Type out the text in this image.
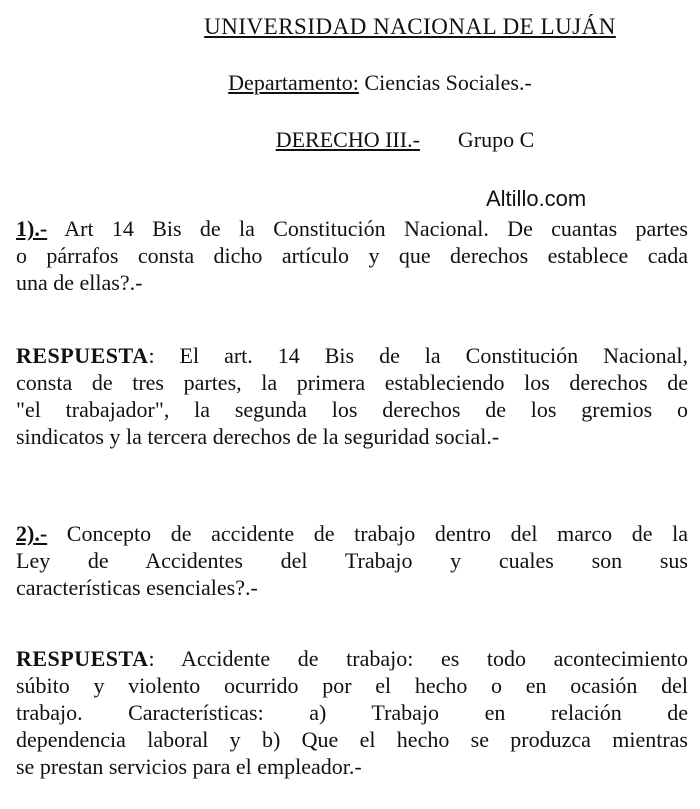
UNIVERSIDAD NACIONAL DE LUJÁN
Departamento: Ciencias Sociales.-
DERECHO III.- Grupo C
Altillo.com
1).- Art 14 Bis de la Constitución Nacional. De cuantas partes
o párrafos consta dicho artículo y que derechos establece cada
una de ellas?.-
RESPUESTA: El art. 14 Bis de la Constitución Nacional,
consta de tres partes, la primera estableciendo los derechos de
"el trabajador", la segunda los derechos de los gremios o
sindicatos y la tercera derechos de la seguridad social.-
2).- Concepto de accidente de trabajo dentro del marco de la
Ley de Accidentes del Trabajo y cuales son sus
características esenciales?.-
RESPUESTA: Accidente de trabajo: es todo acontecimiento
súbito y violento ocurrido por el hecho o en ocasión del
trabajo. Características: a) Trabajo en relación de
dependencia laboral y b) Que el hecho se produzca mientras
se prestan servicios para el empleador.-
